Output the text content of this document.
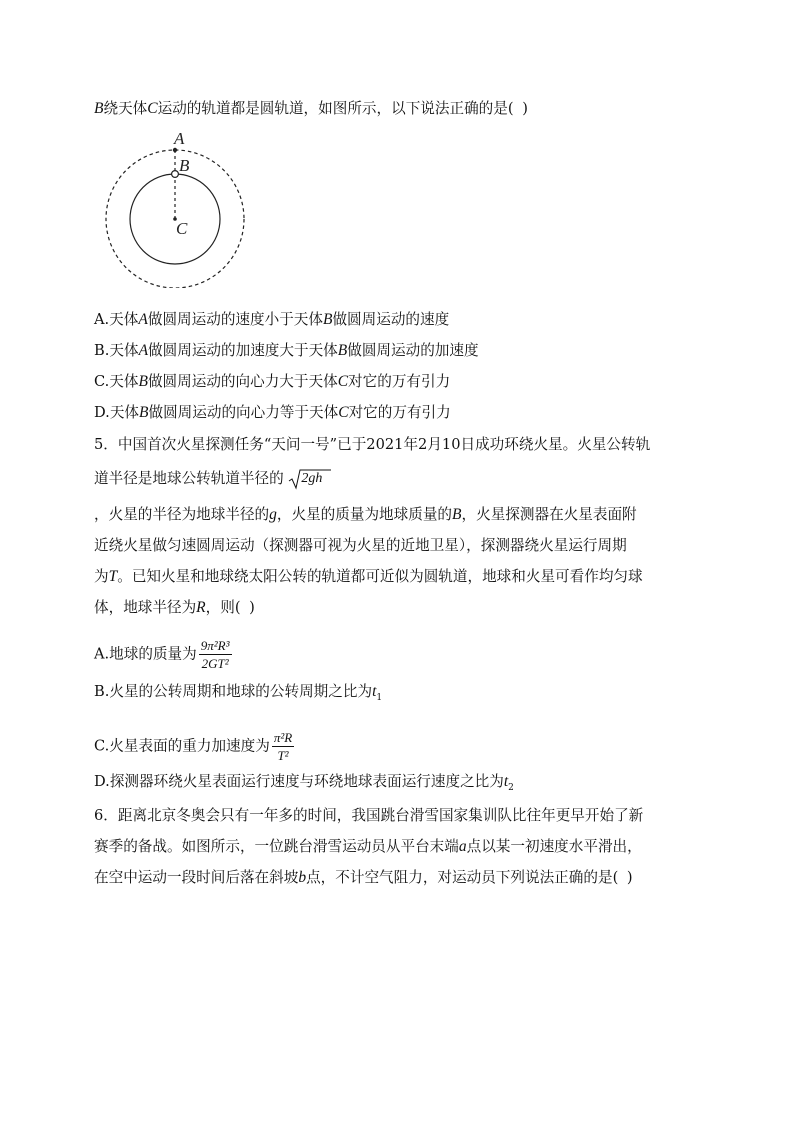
B绕天体C运动的轨道都是圆轨道，如图所示，以下说法正确的是( )
A
B
C
A.天体A做圆周运动的速度小于天体B做圆周运动的速度
B.天体A做圆周运动的加速度大于天体B做圆周运动的加速度
C.天体B做圆周运动的向心力大于天体C对它的万有引力
D.天体B做圆周运动的向心力等于天体C对它的万有引力
5．中国首次火星探测任务“天问一号”已于2021年2月10日成功环绕火星。火星公转轨
道半径是地球公转轨道半径的 2gh
，火星的半径为地球半径的g，火星的质量为地球质量的B，火星探测器在火星表面附
近绕火星做匀速圆周运动（探测器可视为火星的近地卫星），探测器绕火星运行周期
为T。已知火星和地球绕太阳公转的轨道都可近似为圆轨道，地球和火星可看作均匀球
体，地球半径为R，则( )
A.地球的质量为 $\frac{\text{9π²R³}}{\text{2GT²}}$
B.火星的公转周期和地球的公转周期之比为$t_1$
C.火星表面的重力加速度为 $\frac{\text{π²R}}{\text{T²}}$
D.探测器环绕火星表面运行速度与环绕地球表面运行速度之比为$t_2$
6．距离北京冬奥会只有一年多的时间，我国跳台滑雪国家集训队比往年更早开始了新
赛季的备战。如图所示，一位跳台滑雪运动员从平台末端a点以某一初速度水平滑出，
在空中运动一段时间后落在斜坡b点，不计空气阻力，对运动员下列说法正确的是( )
